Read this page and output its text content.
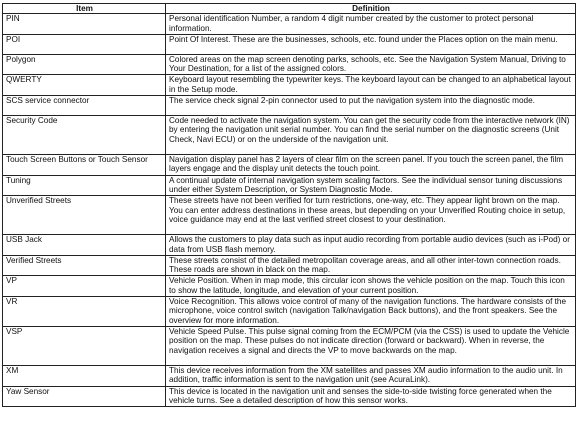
Item	Definition
PIN	Personal identification Number, a random 4 digit number created by the customer to protect personal information.
POI	Point Of Interest. These are the businesses, schools, etc. found under the Places option on the main menu.
Polygon	Colored areas on the map screen denoting parks, schools, etc. See the Navigation System Manual, Driving to Your Destination, for a list of the assigned colors.
QWERTY	Keyboard layout resembling the typewriter keys. The keyboard layout can be changed to an alphabetical layout in the Setup mode.
SCS service connector	The service check signal 2-pin connector used to put the navigation system into the diagnostic mode.
Security Code	Code needed to activate the navigation system. You can get the security code from the interactive network (IN) by entering the navigation unit serial number. You can find the serial number on the diagnostic screens (Unit Check, Navi ECU) or on the underside of the navigation unit.
Touch Screen Buttons or Touch Sensor	Navigation display panel has 2 layers of clear film on the screen panel. If you touch the screen panel, the film layers engage and the display unit detects the touch point.
Tuning	A continual update of internal navigation system scaling factors. See the individual sensor tuning discussions under either System Description, or System Diagnostic Mode.
Unverified Streets	These streets have not been verified for turn restrictions, one-way, etc. They appear light brown on the map. You can enter address destinations in these areas, but depending on your Unverified Routing choice in setup, voice guidance may end at the last verified street closest to your destination.
USB Jack	Allows the customers to play data such as input audio recording from portable audio devices (such as i-Pod) or data from USB flash memory.
Verified Streets	These streets consist of the detailed metropolitan coverage areas, and all other inter-town connection roads. These roads are shown in black on the map.
VP	Vehicle Position. When in map mode, this circular icon shows the vehicle position on the map. Touch this icon to show the latitude, longitude, and elevation of your current position.
VR	Voice Recognition. This allows voice control of many of the navigation functions. The hardware consists of the microphone, voice control switch (navigation Talk/navigation Back buttons), and the front speakers. See the overview for more information.
VSP	Vehicle Speed Pulse. This pulse signal coming from the ECM/PCM (via the CSS) is used to update the Vehicle position on the map. These pulses do not indicate direction (forward or backward). When in reverse, the navigation receives a signal and directs the VP to move backwards on the map.
XM	This device receives information from the XM satellites and passes XM audio information to the audio unit. In addition, traffic information is sent to the navigation unit (see AcuraLink).
Yaw Sensor	This device is located in the navigation unit and senses the side-to-side twisting force generated when the vehicle turns. See a detailed description of how this sensor works.
